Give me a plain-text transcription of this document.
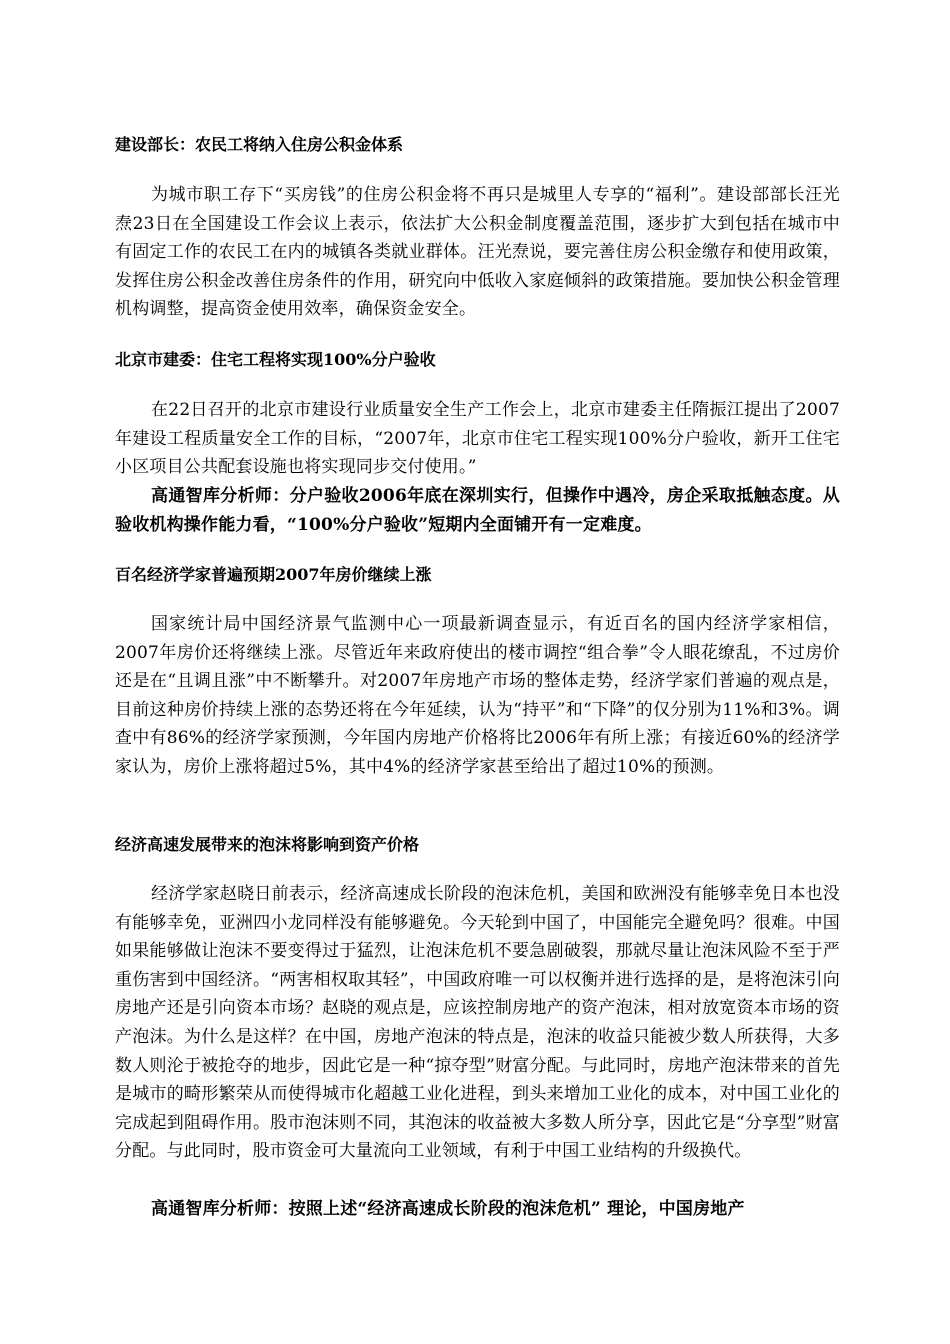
建设部长：农民工将纳入住房公积金体系
为城市职工存下“买房钱”的住房公积金将不再只是城里人专享的“福利”。建设部部长汪光焘23日在全国建设工作会议上表示，依法扩大公积金制度覆盖范围，逐步扩大到包括在城市中有固定工作的农民工在内的城镇各类就业群体。汪光焘说，要完善住房公积金缴存和使用政策，发挥住房公积金改善住房条件的作用，研究向中低收入家庭倾斜的政策措施。要加快公积金管理机构调整，提高资金使用效率，确保资金安全。
北京市建委：住宅工程将实现100%分户验收
在22日召开的北京市建设行业质量安全生产工作会上，北京市建委主任隋振江提出了2007年建设工程质量安全工作的目标，“2007年，北京市住宅工程实现100%分户验收，新开工住宅小区项目公共配套设施也将实现同步交付使用。”
高通智库分析师：分户验收2006年底在深圳实行，但操作中遇冷，房企采取抵触态度。从验收机构操作能力看，“100%分户验收”短期内全面铺开有一定难度。
百名经济学家普遍预期2007年房价继续上涨
国家统计局中国经济景气监测中心一项最新调查显示，有近百名的国内经济学家相信，2007年房价还将继续上涨。尽管近年来政府使出的楼市调控“组合拳”令人眼花缭乱，不过房价还是在“且调且涨”中不断攀升。对2007年房地产市场的整体走势，经济学家们普遍的观点是，目前这种房价持续上涨的态势还将在今年延续，认为“持平”和“下降”的仅分别为11%和3%。调查中有86%的经济学家预测，今年国内房地产价格将比2006年有所上涨；有接近60%的经济学家认为，房价上涨将超过5%，其中4%的经济学家甚至给出了超过10%的预测。
经济高速发展带来的泡沫将影响到资产价格
经济学家赵晓日前表示，经济高速成长阶段的泡沫危机，美国和欧洲没有能够幸免日本也没有能够幸免，亚洲四小龙同样没有能够避免。今天轮到中国了，中国能完全避免吗？很难。中国如果能够做让泡沫不要变得过于猛烈，让泡沫危机不要急剧破裂，那就尽量让泡沫风险不至于严重伤害到中国经济。“两害相权取其轻”，中国政府唯一可以权衡并进行选择的是，是将泡沫引向房地产还是引向资本市场？赵晓的观点是，应该控制房地产的资产泡沫，相对放宽资本市场的资产泡沫。为什么是这样？在中国，房地产泡沫的特点是，泡沫的收益只能被少数人所获得，大多数人则沦于被抢夺的地步，因此它是一种“掠夺型”财富分配。与此同时，房地产泡沫带来的首先是城市的畸形繁荣从而使得城市化超越工业化进程，到头来增加工业化的成本，对中国工业化的完成起到阻碍作用。股市泡沫则不同，其泡沫的收益被大多数人所分享，因此它是“分享型”财富分配。与此同时，股市资金可大量流向工业领域，有利于中国工业结构的升级换代。
高通智库分析师：按照上述“经济高速成长阶段的泡沫危机” 理论，中国房地产
